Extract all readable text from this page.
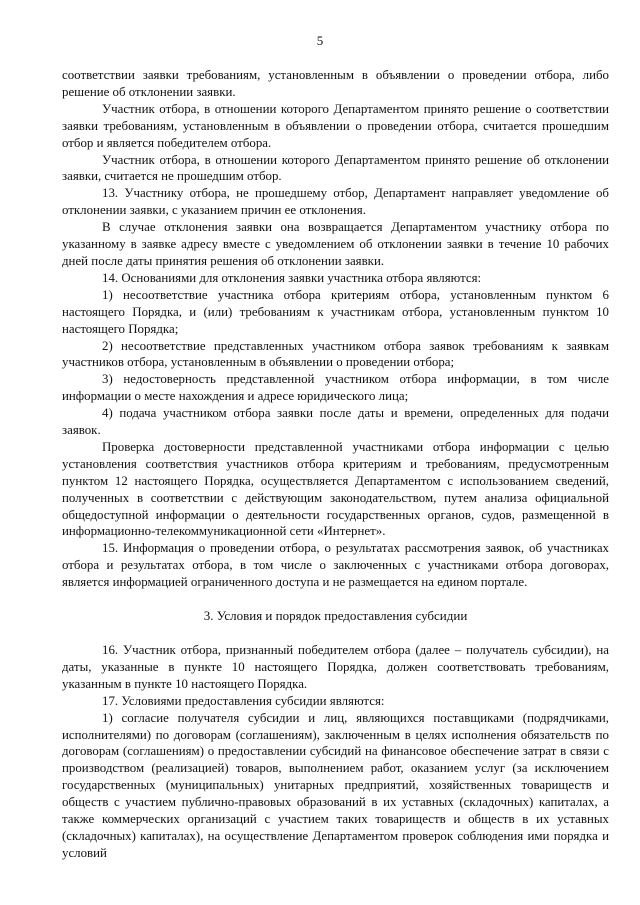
5

соответствии заявки требованиям, установленным в объявлении о проведении отбора, либо решение об отклонении заявки.

Участник отбора, в отношении которого Департаментом принято решение о соответствии заявки требованиям, установленным в объявлении о проведении отбора, считается прошедшим отбор и является победителем отбора.

Участник отбора, в отношении которого Департаментом принято решение об отклонении заявки, считается не прошедшим отбор.

13. Участнику отбора, не прошедшему отбор, Департамент направляет уведомление об отклонении заявки, с указанием причин ее отклонения.

В случае отклонения заявки она возвращается Департаментом участнику отбора по указанному в заявке адресу вместе с уведомлением об отклонении заявки в течение 10 рабочих дней после даты принятия решения об отклонении заявки.

14. Основаниями для отклонения заявки участника отбора являются:

1) несоответствие участника отбора критериям отбора, установленным пунктом 6 настоящего Порядка, и (или) требованиям к участникам отбора, установленным пунктом 10 настоящего Порядка;

2) несоответствие представленных участником отбора заявок требованиям к заявкам участников отбора, установленным в объявлении о проведении отбора;

3) недостоверность представленной участником отбора информации, в том числе информации о месте нахождения и адресе юридического лица;

4) подача участником отбора заявки после даты и времени, определенных для подачи заявок.

Проверка достоверности представленной участниками отбора информации с целью установления соответствия участников отбора критериям и требованиям, предусмотренным пунктом 12 настоящего Порядка, осуществляется Департаментом с использованием сведений, полученных в соответствии с действующим законодательством, путем анализа официальной общедоступной информации о деятельности государственных органов, судов, размещенной в информационно-телекоммуникационной сети «Интернет».

15. Информация о проведении отбора, о результатах рассмотрения заявок, об участниках отбора и результатах отбора, в том числе о заключенных с участниками отбора договорах, является информацией ограниченного доступа и не размещается на едином портале.

3. Условия и порядок предоставления субсидии

16. Участник отбора, признанный победителем отбора (далее – получатель субсидии), на даты, указанные в пункте 10 настоящего Порядка, должен соответствовать требованиям, указанным в пункте 10 настоящего Порядка.

17. Условиями предоставления субсидии являются:

1) согласие получателя субсидии и лиц, являющихся поставщиками (подрядчиками, исполнителями) по договорам (соглашениям), заключенным в целях исполнения обязательств по договорам (соглашениям) о предоставлении субсидий на финансовое обеспечение затрат в связи с производством (реализацией) товаров, выполнением работ, оказанием услуг (за исключением государственных (муниципальных) унитарных предприятий, хозяйственных товариществ и обществ с участием публично-правовых образований в их уставных (складочных) капиталах, а также коммерческих организаций с участием таких товариществ и обществ в их уставных (складочных) капиталах), на осуществление Департаментом проверок соблюдения ими порядка и условий
